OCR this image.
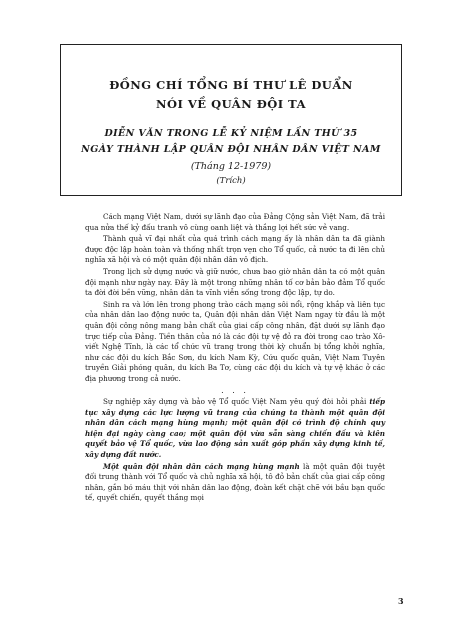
ĐỒNG CHÍ TỔNG BÍ THƯ LÊ DUẨN
NÓI VỀ QUÂN ĐỘI TA
DIỄN VĂN TRONG LỄ KỶ NIỆM LẦN THỨ 35
NGÀY THÀNH LẬP QUÂN ĐỘI NHÂN DÂN VIỆT NAM
(Tháng 12-1979)
(Trích)

Cách mạng Việt Nam, dưới sự lãnh đạo của Đảng Cộng sản Việt Nam, đã trải qua nửa thế kỷ đấu tranh vô cùng oanh liệt và thắng lợi hết sức vẻ vang.

Thành quả vĩ đại nhất của quá trình cách mạng ấy là nhân dân ta đã giành được độc lập hoàn toàn và thống nhất trọn vẹn cho Tổ quốc, cả nước ta đi lên chủ nghĩa xã hội và có một quân đội nhân dân vô địch.

Trong lịch sử dựng nước và giữ nước, chưa bao giờ nhân dân ta có một quân đội mạnh như ngày nay. Đây là một trong những nhân tố cơ bản bảo đảm Tổ quốc ta đời đời bền vững, nhân dân ta vĩnh viễn sống trong độc lập, tự do.

Sinh ra và lớn lên trong phong trào cách mạng sôi nổi, rộng khắp và liên tục của nhân dân lao động nước ta, Quân đội nhân dân Việt Nam ngay từ đầu là một quân đội công nông mang bản chất của giai cấp công nhân, đặt dưới sự lãnh đạo trực tiếp của Đảng. Tiền thân của nó là các đội tự vệ đỏ ra đời trong cao trào Xô-viết Nghệ Tĩnh, là các tổ chức vũ trang trong thời kỳ chuẩn bị tổng khởi nghĩa, như các đội du kích Bắc Sơn, du kích Nam Kỳ, Cứu quốc quân, Việt Nam Tuyên truyền Giải phóng quân, du kích Ba Tơ, cùng các đội du kích và tự vệ khác ở các địa phương trong cả nước.

. . .

Sự nghiệp xây dựng và bảo vệ Tổ quốc Việt Nam yêu quý đòi hỏi phải tiếp tục xây dựng các lực lượng vũ trang của chúng ta thành một quân đội nhân dân cách mạng hùng mạnh; một quân đội có trình độ chính quy hiện đại ngày càng cao; một quân đội vừa sẵn sàng chiến đấu và kiên quyết bảo vệ Tổ quốc, vừa lao động sản xuất góp phần xây dựng kinh tế, xây dựng đất nước.

Một quân đội nhân dân cách mạng hùng mạnh là một quân đội tuyệt đối trung thành với Tổ quốc và chủ nghĩa xã hội, tô đỏ bản chất của giai cấp công nhân, gắn bó máu thịt với nhân dân lao động, đoàn kết chặt chẽ với bầu bạn quốc tế, quyết chiến, quyết thắng mọi

3
